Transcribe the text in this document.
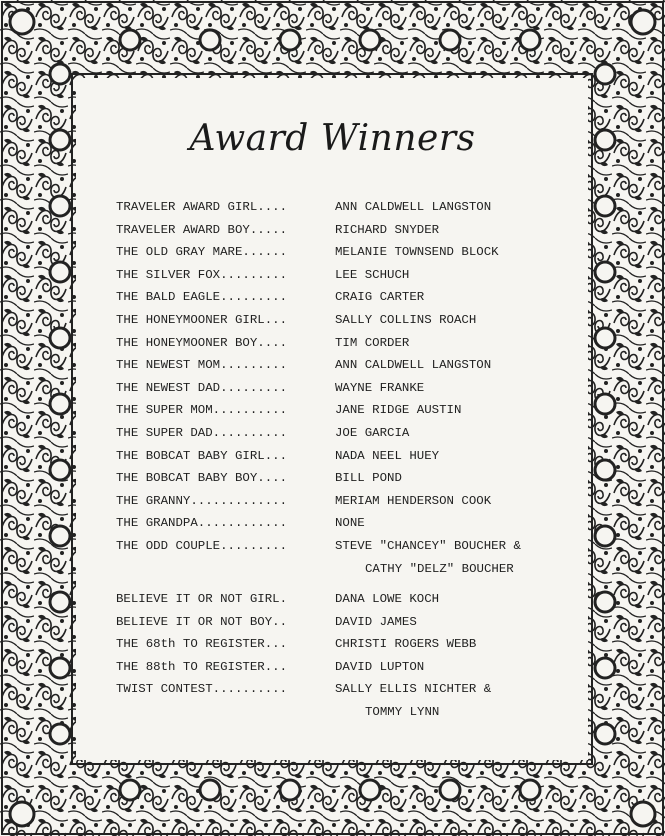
Award Winners
TRAVELER AWARD GIRL....	ANN CALDWELL LANGSTON
TRAVELER AWARD BOY.....	RICHARD SNYDER
THE OLD GRAY MARE......	MELANIE TOWNSEND BLOCK
THE SILVER FOX.........	LEE SCHUCH
THE BALD EAGLE.........	CRAIG CARTER
THE HONEYMOONER GIRL...	SALLY COLLINS ROACH
THE HONEYMOONER BOY....	TIM CORDER
THE NEWEST MOM.........	ANN CALDWELL LANGSTON
THE NEWEST DAD.........	WAYNE FRANKE
THE SUPER MOM..........	JANE RIDGE AUSTIN
THE SUPER DAD..........	JOE GARCIA
THE BOBCAT BABY GIRL...	NADA NEEL HUEY
THE BOBCAT BABY BOY....	BILL POND
THE GRANNY.............	MERIAM HENDERSON COOK
THE GRANDPA............	NONE
THE ODD COUPLE.........	STEVE "CHANCEY" BOUCHER &
CATHY "DELZ" BOUCHER
BELIEVE IT OR NOT GIRL.	DANA LOWE KOCH
BELIEVE IT OR NOT BOY..	DAVID JAMES
THE 68th TO REGISTER...	CHRISTI ROGERS WEBB
THE 88th TO REGISTER...	DAVID LUPTON
TWIST CONTEST..........	SALLY ELLIS NICHTER &
TOMMY LYNN
